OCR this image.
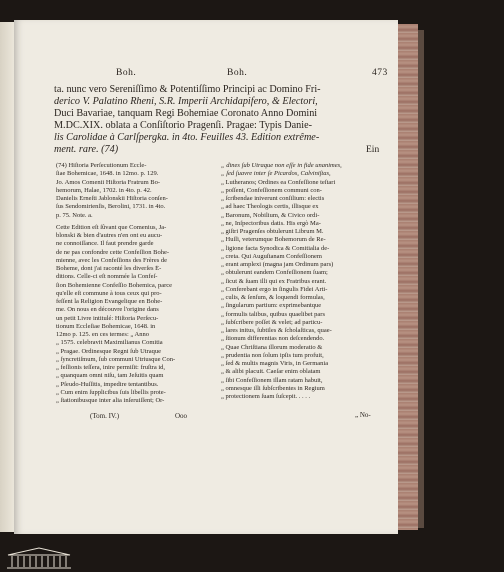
Boh.	Boh.	473
ta. nunc vero Sereniſſimo & Potentiſſimo Principi ac Domino Fri-
derico V. Palatino Rheni, S.R. Imperii Archidapifero, & Electori,
Duci Bavariae, tanquam Regi Bohemiae Coronato Anno Domini
M.DC.XIX. oblata a Conſiſtorio Pragenſi. Pragae: Typis Danie-
lis Carolidae à Carlſpergka. in 4to. Feuilles 43. Edition extrême-
ment. rare. (74)	Ein
(74) Hiſtoria Perſecutionum Eccle-
ſiae Bohemicae, 1648. in 12mo. p. 129.
Jo. Amos Comenii Hiſtoria Fratrum Bo-
hemorum, Halae, 1702. in 4to. p. 42.
Danielis Erneſti Jablonskii Hiſtoria conſen-
ſus Sendomirienſis, Berolini, 1731. in 4to.
p. 75. Note. a.
Cette Edition eſt ſûvant que Comenius, Ja-
blonski & bien d'autres n'en ont eu aucu-
ne connoiſſance. Il faut prendre garde
de ne pas confondre cette Confeſſion Bohe-
mienne, avec les Confeſſions des Frères de
Boheme, dont j'ai raconté les diverſes É-
ditions. Celle-ci eſt nommée la Confeſ-
ſion Bohemienne Confeſſio Bohemica, parce
qu'elle eſt commune à tous ceux qui pro-
feſſent la Religion Evangelique en Bohe-
me. On nous en découvre l'origine dans
un petit Livre intitulé: Hiſtoria Perſecu-
tionum Eccleſiae Bohemicae, 1648. in
12mo p. 125. en ces termes: „ Anno
„ 1575. celebravit Maximilianus Comitia
„ Pragae. Ordinesque Regni ſub Utraque
„ ſyncretiſmum, ſub communi Utriusque Con-
„ feſſionis teſſera, inire permiſit: fruſtra id,
„ quanquam omni niſu, tam Jeſuitis quam
„ Pſeudo-Huſſitis, impedire tentantibus.
„ Cum enim ſupplicibus ſuis libellis prote-
„ ſtationibusque inter alia inſeruiſſent; Or-
„ dines ſub Utraque non eſſe in fide unanimes,
„ ſed ſuavre inter ſe Picardos, Calviniſtas,
„ Lutheranos; Ordines ea Confeſſione teſtari
„ poſſent, Confeſſionem communi con-
„ ſcribendae iniverunt conſilium: electis
„ ad haec Theologis certis, illisque ex
„ Baronum, Nobilium, & Civico ordi-
„ ne, Inſpectoribus datis. His ergò Ma-
„ giſtri Pragenſes obtulerunt Librum M.
„ Huſſi, veterumque Bohemorum de Re-
„ ligione facta Synodica & Comitialia de-
„ creta. Qui Auguſtanam Confeſſionem
„ erant amplexi (magna jam Ordinum pars)
„ obtulerunt eandem Confeſſionem ſuam;
„ ſicut & ſuam illi qui ex Fratribus erant.
„ Conferebant ergo in ſingulis Fidei Arti-
„ culis, & ſenſum, & loquendi formulas,
„ ſingularum partium: exprimebantque
„ formulis talibus, quibus quaelibet pars
„ ſubſcribere poſſet & velet; ad particu-
„ lares initus, ſubtiles & ſcholaſticas, quae-
„ ſtionum differentias non deſcendendo.
„ Quae Chriſtiana illorum moderatio &
„ prudentia non ſolum ipſis tum profuit,
„ ſed & multis magnis Viris, in Germania
„ & alibi placuit. Caeſar enim oblatam
„ ſibi Confeſſionem illam ratam habuit,
„ omnesque illi ſubſcribentes in Regium
„ protectionem ſuam ſuſcepit. . . . .
(Tom. IV.)	Ooo	„ No-
